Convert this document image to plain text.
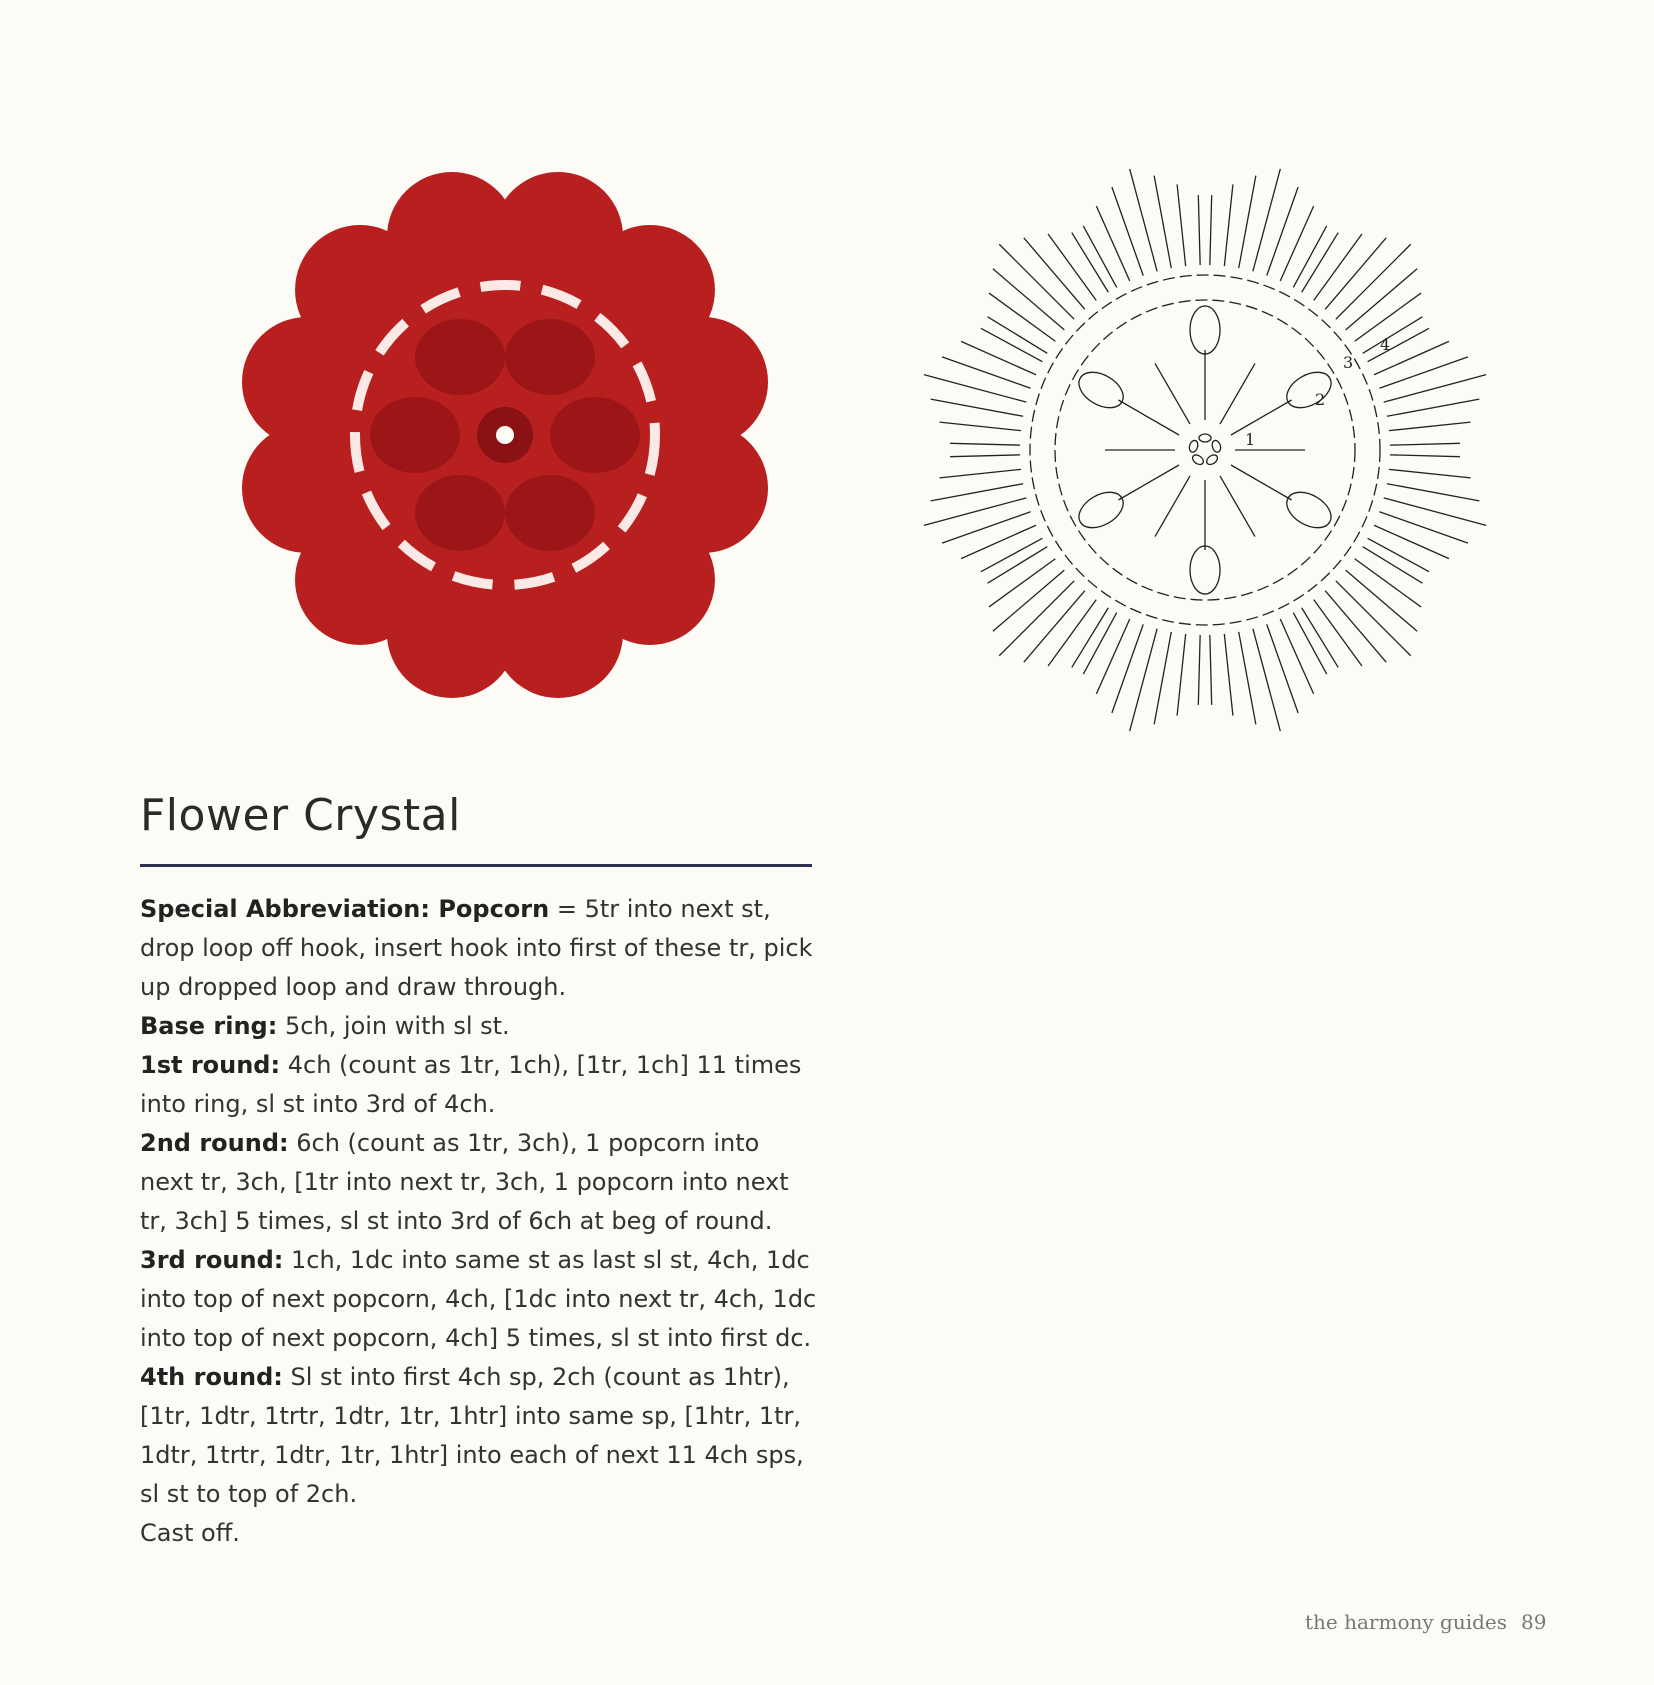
1
2
3
4
Flower Crystal

Special Abbreviation: Popcorn = 5tr into next st, drop loop off hook, insert hook into first of these tr, pick up dropped loop and draw through.

Base ring: 5ch, join with sl st.

1st round: 4ch (count as 1tr, 1ch), [1tr, 1ch] 11 times into ring, sl st into 3rd of 4ch.

2nd round: 6ch (count as 1tr, 3ch), 1 popcorn into next tr, 3ch, [1tr into next tr, 3ch, 1 popcorn into next tr, 3ch] 5 times, sl st into 3rd of 6ch at beg of round.

3rd round: 1ch, 1dc into same st as last sl st, 4ch, 1dc into top of next popcorn, 4ch, [1dc into next tr, 4ch, 1dc into top of next popcorn, 4ch] 5 times, sl st into first dc.

4th round: Sl st into first 4ch sp, 2ch (count as 1htr), [1tr, 1dtr, 1trtr, 1dtr, 1tr, 1htr] into same sp, [1htr, 1tr, 1dtr, 1trtr, 1dtr, 1tr, 1htr] into each of next 11 4ch sps, sl st to top of 2ch.

Cast off.

the harmony guides 89
